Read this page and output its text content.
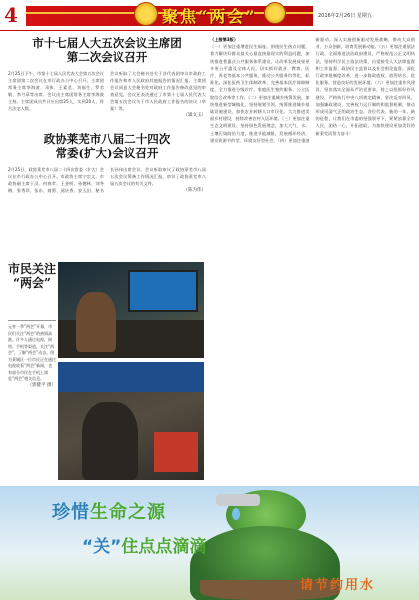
4	聚焦“两会”	2016年2月26日 星期五
市十七届人大五次会议主席团
第二次会议召开

2月25日下午，市第十七届人民代表大会第五次会议主席团第二次会议在市行政办公中心召开。主席团常务主席李海波、邓伟、王素君、刘福生、罗君敏、李月章等出席。会议由主席团常务主席李海波主持。主席团成员共计应出席25人，实到20人，符合法定人数。

会议听取了大会秘书处关于各代表团审议市政府工作报告和市人民政府其他报告的情况汇报。主席团会议同意大会秘书处对政府工作报告修改意见的审查意见。会议还表决通过了市第十七届人民代表大会第五次会议关于市人民政府工作报告的决议（草案）等。

（辑文玉）

政协莱芜市八届二十四次
常委(扩大)会议召开

2月25日，政协莱芜市八届二十四次常委（扩大）会议在市行政办公中心召开。市政协主席宁宗文、市政协副主席于汉、何春苹、王金明、孙德林、刘冬梅、张秀珍、张东、商勇、邱庆香、安玉田、秘书长孙伟出席会议。会议听取审议了政协莱芜市八届五次会议筹备工作情况汇报，审议了政协莱芜市八届五次会议的有关文件。

（陈为伟）

市民关注
“两会”
元宵一季“两会”开幕，市民们关注“两会”的热情高涨。许多人通过电视、网络、手机等渠道，关注“两会”，了解“两会”动态。图为莱城区一位市民正在通过电视收看“两会”新闻，也有部分市民在手机上浏览“两会”相关信息。
（郭健平 摄）

（上接第3版）

（一）更加注重增进民生福祉。围绕民生热点问题，着力解决好群众最关心最直接最现实的利益问题，加快推进普惠式公共服务体系建设，让改革发展成果更多更公平惠及全体人民。切实抓好就业、教育、医疗、养老等基本公共服务，推动公共服务均等化、标准化。深化医药卫生体制改革，完善基本医疗保障制度，全力推进分级诊疗、家庭医生签约服务、公立医院综合改革等工作。（二）更加注重城乡统筹发展。加快推进新型城镇化，坚持规划引领，统筹推进城乡基础设施建设，加快农业转移人口市民化。大力推进美丽乡村建设，持续改善农村人居环境。（三）更加注重生态文明建设。坚持绿色发展理念，加大大气、水、土壤污染防治力度，推进节能减排，发展循环经济，建设资源节约型、环境友好型社会。（四）更加注重创新驱动。深入实施创新驱动发展战略，推动大众创业、万众创新，培育发展新动能。（五）更加注重依法行政。全面推进法治政府建设，严格规范公正文明执法，坚持科学民主依法决策，自觉接受人大法律监督和工作监督、政协民主监督以及社会舆论监督。深化行政审批制度改革，进一步简政放权、放管结合、优化服务，营造良好的发展环境。（六）更加注重作风建设。坚决落实全面从严治党要求，持之以恒抓好作风建设，严格执行中央八项规定精神，坚决反对四风。加强廉政建设，完善权力运行制约和监督机制，推动形成风清气正的政治生态。各位代表，新的一年，新的征程，让我们在市委的坚强领导下，紧紧依靠全市人民，团结一心，开拓进取，为加快建设更加美好的新莱芜而努力奋斗！

珍惜生命之源
“关”住点点滴滴
请节约用水
